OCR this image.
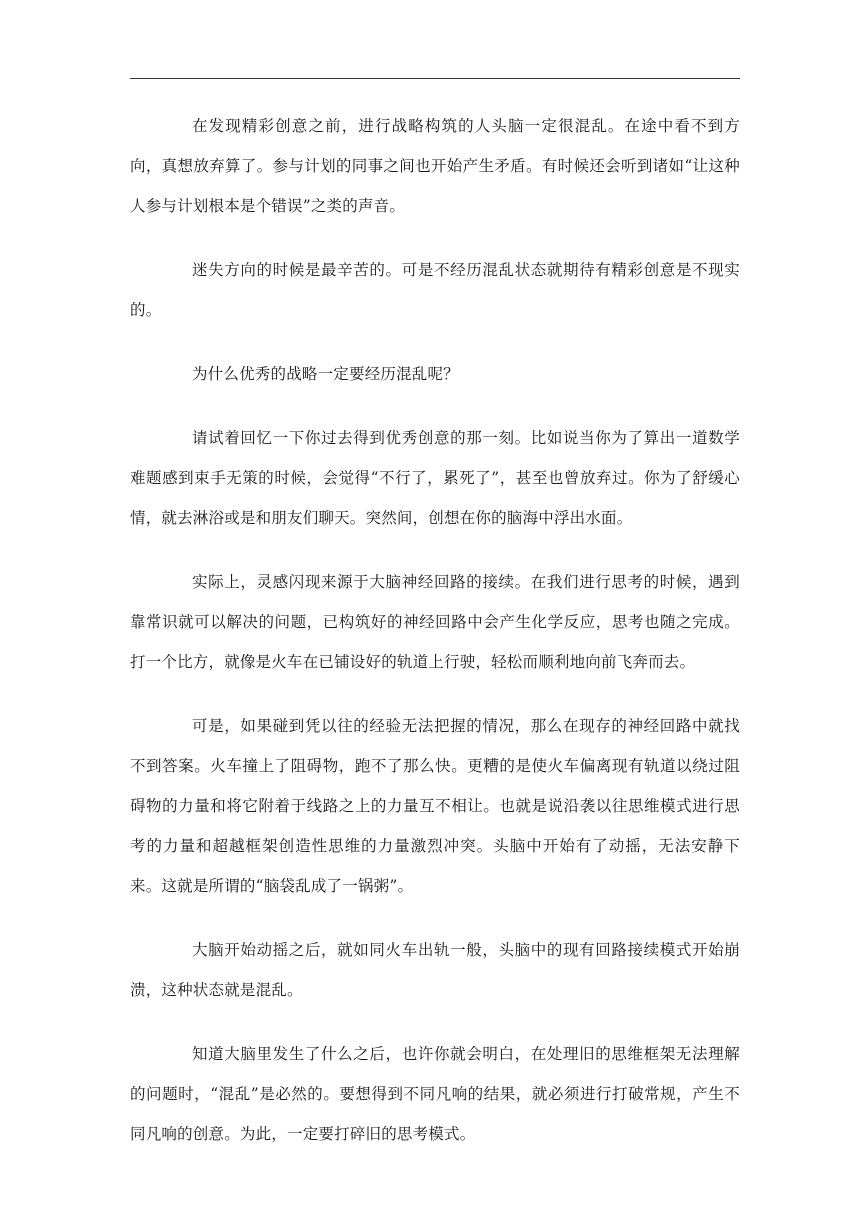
在发现精彩创意之前，进行战略构筑的人头脑一定很混乱。在途中看不到方向，真想放弃算了。参与计划的同事之间也开始产生矛盾。有时候还会听到诸如“让这种人参与计划根本是个错误”之类的声音。

迷失方向的时候是最辛苦的。可是不经历混乱状态就期待有精彩创意是不现实的。

为什么优秀的战略一定要经历混乱呢？

请试着回忆一下你过去得到优秀创意的那一刻。比如说当你为了算出一道数学难题感到束手无策的时候，会觉得“不行了，累死了”，甚至也曾放弃过。你为了舒缓心情，就去淋浴或是和朋友们聊天。突然间，创想在你的脑海中浮出水面。

实际上，灵感闪现来源于大脑神经回路的接续。在我们进行思考的时候，遇到靠常识就可以解决的问题，已构筑好的神经回路中会产生化学反应，思考也随之完成。打一个比方，就像是火车在已铺设好的轨道上行驶，轻松而顺利地向前飞奔而去。

可是，如果碰到凭以往的经验无法把握的情况，那么在现存的神经回路中就找不到答案。火车撞上了阻碍物，跑不了那么快。更糟的是使火车偏离现有轨道以绕过阻碍物的力量和将它附着于线路之上的力量互不相让。也就是说沿袭以往思维模式进行思考的力量和超越框架创造性思维的力量激烈冲突。头脑中开始有了动摇，无法安静下来。这就是所谓的“脑袋乱成了一锅粥”。

大脑开始动摇之后，就如同火车出轨一般，头脑中的现有回路接续模式开始崩溃，这种状态就是混乱。

知道大脑里发生了什么之后，也许你就会明白，在处理旧的思维框架无法理解的问题时，“混乱”是必然的。要想得到不同凡响的结果，就必须进行打破常规，产生不同凡响的创意。为此，一定要打碎旧的思考模式。
